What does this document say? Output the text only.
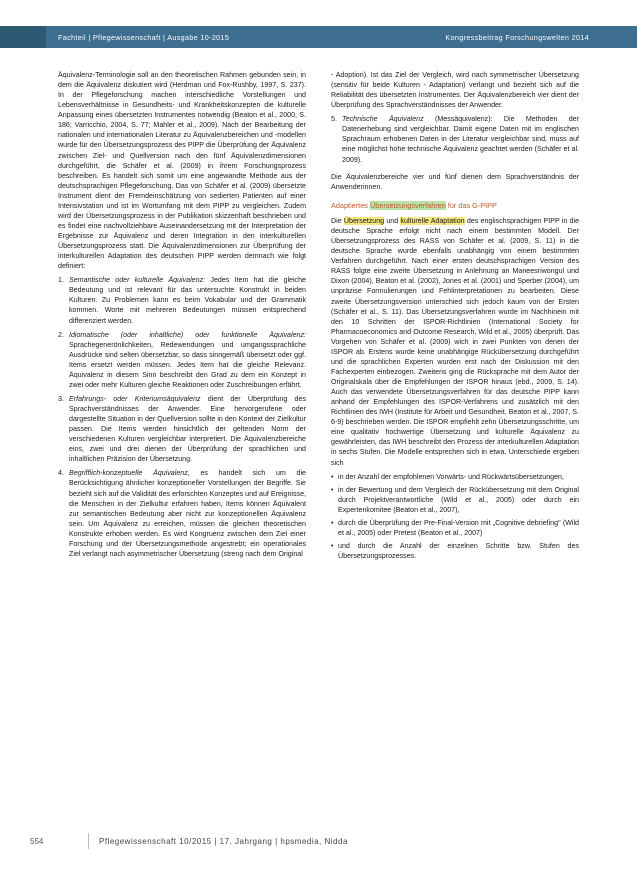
Fachteil | Pflegewissenschaft | Ausgabe 10-2015	Kongressbeitrag Forschungswelten 2014

Äquivalenz-Terminologie soll an den theoretischen Rahmen gebunden sein, in dem die Äquivalenz diskutiert wird (Herdman und Fox-Rushby, 1997, S. 237). In der Pflegeforschung machen interschiedliche Vorstellungen und Lebensverhältnisse in Gesundheits- und Krankheitskonzepten die kulturelle Anpassung eines übersetzten Instrumentes notwendig (Beaton et al., 2000, S. 186; Varricchio, 2004, S. 77; Mahler et al., 2009). Nach der Bearbeitung der nationalen und internationalen Literatur zu Äquivalenzbereichen und -modellen wurde für den Übersetzungsprozess des PIPP die Überprüfung der Äquivalenz zwischen Ziel- und Quellversion nach den fünf Äquivalenzdimensionen durchgeführt, die Schäfer et al. (2009) in ihrem Forschungsprozess beschreiben. Es handelt sich somit um eine angewandte Methode aus der deutschsprachigen Pflegeforschung. Das von Schäfer et al. (2009) übersetzte Instrument dient der Fremdeinschätzung von sedierten Patienten auf einer Intensivstation und ist im Wortumfang mit dem PIPP zu vergleichen. Zudem wird der Übersetzungsprozess in der Publikation skizzenhaft beschrieben und es findet eine nachvollziehbare Auseinandersetzung mit der Interpretation der Ergebnisse zur Äquivalenz und deren Integration in den interkulturellen Übersetzungsprozess statt. Die Äquivalenzdimensionen zur Überprüfung der interkulturellen Adaptation des deutschen PIPP werden demnach wie folgt definiert:

1. Semantische oder kulturelle Äquivalenz: Jedes Item hat die gleiche Bedeutung und ist relevant für das untersuchte Konstrukt in beiden Kulturen. Zu Problemen kann es beim Vokabular und der Grammatik kommen. Worte mit mehreren Bedeutungen müssen entsprechend differenziert werden.
2. Idiomatische (oder inhaltliche) oder funktionelle Äquivalenz: Sprachegenerönlichkeiten, Redewendungen und umgangssprachliche Ausdrücke sind selten übersetzbar, so dass sinngemäß übersetzt oder ggf. Items ersetzt werden müssen. Jedes Item hat die gleiche Relevanz. Äquivalenz in diesem Sinn beschreibt den Grad zu dem ein Konzept in zwei oder mehr Kulturen gleiche Reaktionen oder Zuschreibungen erfährt.
3. Erfahrungs- oder Kriteriumsäquivalenz dient der Überprüfung des Sprachverständnisses der Anwender. Eine hervorgerufene oder dargestellte Situation in der Quellversion sollte in den Kontext der Zielkultur passen. Die Items werden hinsichtlich der geltenden Norm der verschiedenen Kulturen vergleichbar interpretiert. Die Äquivalenzbereiche eins, zwei und drei dienen der Überprüfung der sprachlichen und inhaltlichen Präzision der Übersetzung.
4. Begrifflich-konzeptuelle Äquivalenz, es handelt sich um die Berücksichtigung ähnlicher konzeptioneller Vorstellungen der Begriffe. Sie bezieht sich auf die Validität des erforschten Konzeptes und auf Ereignisse, die Menschen in der Zielkultur erfahren haben, Items können Äquivalent zur semantischen Bedeutung aber nicht zur konzeptionellen Äquivalenz sein. Um Äquivalenz zu erreichen, müssen die gleichen theoretischen Konstrukte erhoben werden. Es wird Kongruenz zwischen dem Ziel einer Forschung und der Übersetzungsmethode angestrebt; ein operationales Ziel verlangt nach asymmetrischer Übersetzung (streng nach dem Original

- Adoption). Ist das Ziel der Vergleich, wird nach symmetrischer Übersetzung (sensitiv für beide Kulturen - Adaptation) verlangt und bezieht sich auf die Reliabilität des übersetzten Instrumentes. Der Äquivalenzbereich vier dient der Überprüfung des Sprachverständnisses der Anwender.

5. Technische Äquivalenz (Messäquivalenz): Die Methoden der Datenerhebung sind vergleichbar. Damit eigene Daten mit im englischen Sprachraum erhobenen Daten in der Literatur vergleichbar sind, muss auf eine möglichst hohe technische Äquivalenz geachtet werden (Schäfer et al. 2009).

Die Äquivalenzbereiche vier und fünf dienen dem Sprachverständnis der Anwenderinnen.

Adaptiertes Übersetzungsverfahren für das G-PIPP

Die Übersetzung und kulturelle Adaptation des englischsprachigen PIPP in die deutsche Sprache erfolgt nicht nach einem bestimmten Modell. Der Übersetzungsprozess des RASS von Schäfer et al. (2009, S. 11) in die deutsche Sprache wurde ebenfalls unabhängig von einem bestimmten Verfahren durchgeführt. Nach einer ersten deutschsprachigen Version des RASS folgte eine zweite Übersetzung in Anlehnung an Maneesriwongul und Dixon (2004), Beaton et al. (2002), Jones et al. (2001) und Sperber (2004), um unpräzise Formulierungen und Fehlinterpretationen zu bearbeiten. Diese zweite Übersetzungsversion unterschied sich jedoch kaum von der Ersten (Schäfer et al., S. 11). Das Übersetzungsverfahren wurde im Nachhinein mit den 10 Schritten der ISPOR-Richtlinien (International Society for Pharmacoeconomics and Outcome Research, Wild et al., 2005) überprüft. Das Vorgehen von Schäfer et al. (2009) wich in zwei Punkten von denen der ISPOR ab. Erstens wurde keine unabhängige Rückübersetzung durchgeführt und die sprachlichen Experten wurden erst nach der Diskussion mit den Fachexperten einbezogen. Zweitens ging die Rücksprache mit dem Autor der Originalskala über die Empfehlungen der ISPOR hinaus (ebd., 2009, S. 14). Auch das verwendete Übersetzungsverfahren für das deutsche PIPP kann anhand der Empfehlungen des ISPOR-Verfahrens und zusätzlich mit den Richtlinien des IWH (Institute für Arbeit und Gesundheit, Beaton et al., 2007, S. 6-9) beschrieben werden. Die ISPOR empfiehlt zehn Übersetzungsschritte, um eine qualitativ hochwertige Übersetzung und kulturelle Äquivalenz zu gewährleisten, das IWH beschreibt den Prozess der interkulturellen Adaptation in sechs Stufen. Die Modelle entsprechen sich in etwa, Unterschiede ergeben sich

• in der Anzahl der empfohlenen Vorwärts- und Rückwärtsübersetzungen,
• in der Bewertung und dem Vergleich der Rückübersetzung mit dem Original durch Projektverantwortliche (Wild et al., 2005) oder durch ein Expertenkomitee (Beaton et al., 2007),
• durch die Überprüfung der Pre-Final-Version mit „Cognitive debriefing" (Wild et al., 2005) oder Pretest (Beaton et al., 2007)
• und durch die Anzahl der einzelnen Schritte bzw. Stufen des Übersetzungsprozesses.
554	Pflegewissenschaft 10/2015 | 17. Jahrgang | hpsmedia, Nidda
